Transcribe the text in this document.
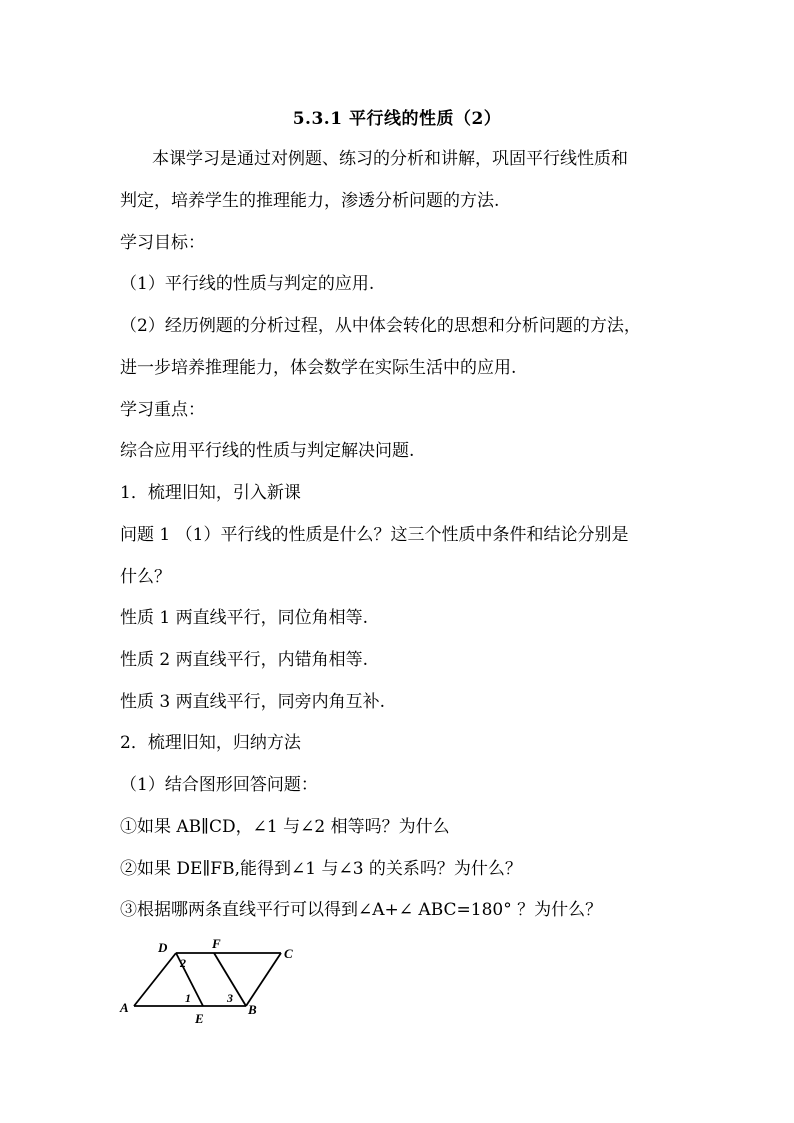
5.3.1 平行线的性质（2）
本课学习是通过对例题、练习的分析和讲解，巩固平行线性质和
判定，培养学生的推理能力，渗透分析问题的方法.
学习目标：
（1）平行线的性质与判定的应用.
（2）经历例题的分析过程，从中体会转化的思想和分析问题的方法，
进一步培养推理能力，体会数学在实际生活中的应用.
学习重点：
综合应用平行线的性质与判定解决问题.
1．梳理旧知，引入新课
问题 1 （1）平行线的性质是什么？这三个性质中条件和结论分别是
什么？
性质 1 两直线平行，同位角相等.
性质 2 两直线平行，内错角相等.
性质 3 两直线平行，同旁内角互补.
2．梳理旧知，归纳方法
（1）结合图形回答问题：
①如果 AB∥CD，∠1 与∠2 相等吗？为什么
②如果 DE∥FB,能得到∠1 与∠3 的关系吗？为什么？
③根据哪两条直线平行可以得到∠A+∠ ABC=180° ？为什么？
D	F
C
A
E
B
2
1	3
